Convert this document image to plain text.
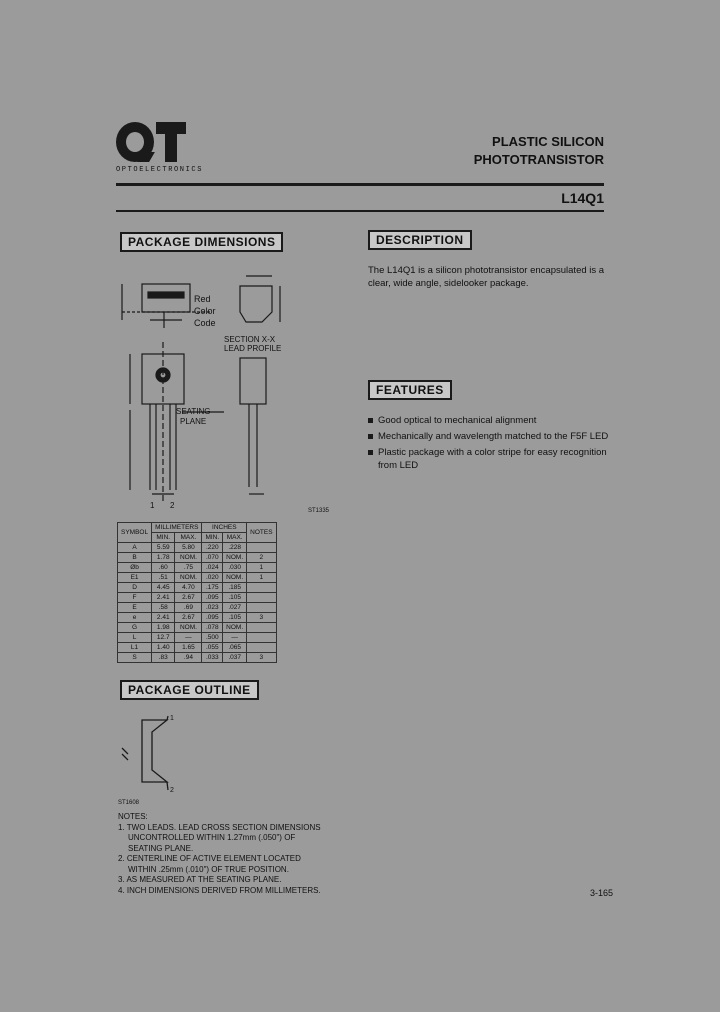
OPTOELECTRONICS
PLASTIC SILICON
PHOTOTRANSISTOR
L14Q1
PACKAGE DIMENSIONS	DESCRIPTION
FEATURES
PACKAGE OUTLINE
The L14Q1 is a silicon phototransistor encapsulated is a clear, wide angle, sidelooker package.
Good optical to mechanical alignment
Mechanically and wavelength matched to the F5F LED
Plastic package with a color stripe for easy recognition from LED
Red
Color
Code
SECTION X-X
LEAD PROFILE
SEATING
PLANE
1 2
ST1335
SYMBOL	MILLIMETERS		INCHES		NOTES
	MIN.	MAX.	MIN.	MAX.	
A	5.59	5.80	.220	.228	
B	1.78	NOM.	.070	NOM.	2
Øb	.60	.75	.024	.030	1
E1	.51	NOM.	.020	NOM.	1
D	4.45	4.70	.175	.185	
F	2.41	2.67	.095	.105	
E	.58	.69	.023	.027	
e	2.41	2.67	.095	.105	3
G	1.98	NOM.	.078	NOM.	
L	12.7	—	.500	—	
L1	1.40	1.65	.055	.065	
S	.83	.94	.033	.037	3
1
2
ST1608
NOTES:
1. TWO LEADS. LEAD CROSS SECTION DIMENSIONS
UNCONTROLLED WITHIN 1.27mm (.050") OF
SEATING PLANE.
2. CENTERLINE OF ACTIVE ELEMENT LOCATED
WITHIN .25mm (.010") OF TRUE POSITION.
3. AS MEASURED AT THE SEATING PLANE.
4. INCH DIMENSIONS DERIVED FROM MILLIMETERS.	3-165
